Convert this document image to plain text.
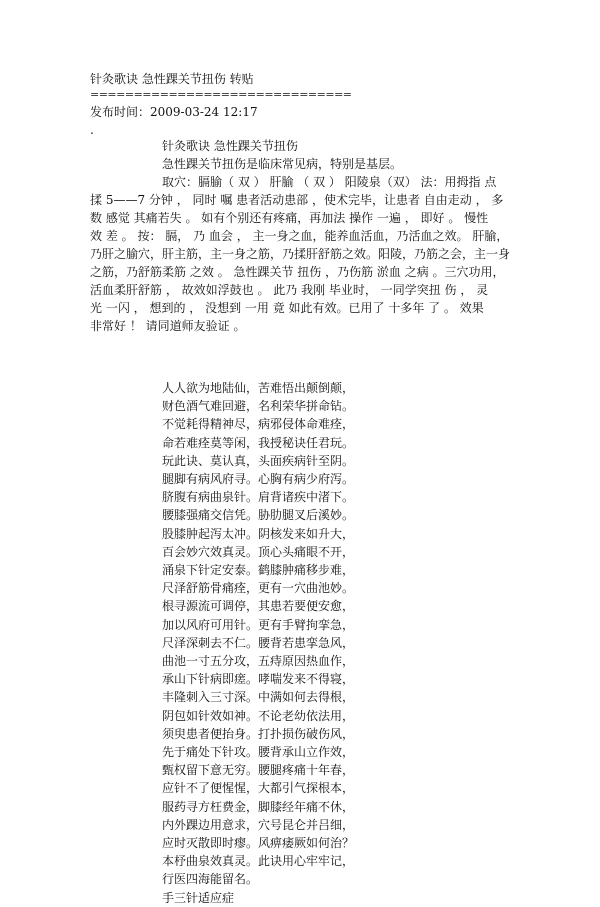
针灸歌诀 急性踝关节扭伤 转贴
==============================
发布时间：2009-03-24 12:17
.
针灸歌诀 急性踝关节扭伤
急性踝关节扭伤是临床常见病，特别是基层。
取穴：膈腧（ 双 ） 肝腧 （ 双 ） 阳陵泉（双） 法：用拇指 点
揉 5——7 分钟 ， 同时 嘱 患者活动患部 ，使术完毕，让患者 自由走动 ， 多
数 感觉 其痛若失 。 如有个别还有疼痛，再加法 操作 一遍 ， 即好 。 慢性
效 差 。 按： 膈， 乃 血会 ， 主一身之血，能养血活血，乃活血之效。 肝腧，
乃肝之腧穴，肝主筋，主一身之筋，乃揉肝舒筋之效。阳陵，乃筋之会，主一身
之筋，乃舒筋柔筋 之效 。 急性踝关节 扭伤 ，乃伤筋 淤血 之病 。三穴功用，
活血柔肝舒筋 ， 故效如浮鼓也 。 此乃 我刚 毕业时， 一同学突扭 伤 ， 灵
光 一闪 ， 想到的 ， 没想到 一用 竟 如此有效。已用了 十多年 了 。 效果
非常好 ！ 请同道师友验证 。
人人欲为地陆仙，苦难悟出颠倒颠，
财色酒气难回避，名利荣华拼命钻。
不觉耗得精神尽，病邪侵体命难痊，
命若难痊莫等闲，我授秘诀任君玩。
玩此诀、莫认真，头面疾病针至阴。
腿脚有病风府寻。心胸有病少府泻。
脐腹有病曲泉针。肩背诸疾中渚下。
腰膝强痛交信凭。胁肋腿叉后溪妙。
股膝肿起泻太冲。阴核发来如升大，
百会妙穴效真灵。顶心头痛眼不开，
涌泉下针定安泰。鹤膝肿痛移步难，
尺泽舒筋骨痛痊，更有一穴曲池妙。
根寻源流可调停，其患若要便安愈，
加以风府可用针。更有手臂拘挛急，
尺泽深刺去不仁。腰背若患挛急风，
曲池一寸五分攻，五痔原因热血作，
承山下针病即瘥。哮喘发来不得寝，
丰隆刺入三寸深。中满如何去得根，
阴包如针效如神。不论老幼依法用，
须臾患者便抬身。打扑损伤破伤风，
先于痛处下针攻。腰背承山立作效，
甄权留下意无穷。腰腿疼痛十年春，
应针不了便惺惺，大都引气探根本，
服药寻方枉费金，脚膝经年痛不休，
内外踝边用意求，穴号昆仑并吕细，
应时灭散即时瘳。风痹痿厥如何治？
本杼曲泉效真灵。此诀用心牢牢记，
行医四海能留名。
手三针适应症
